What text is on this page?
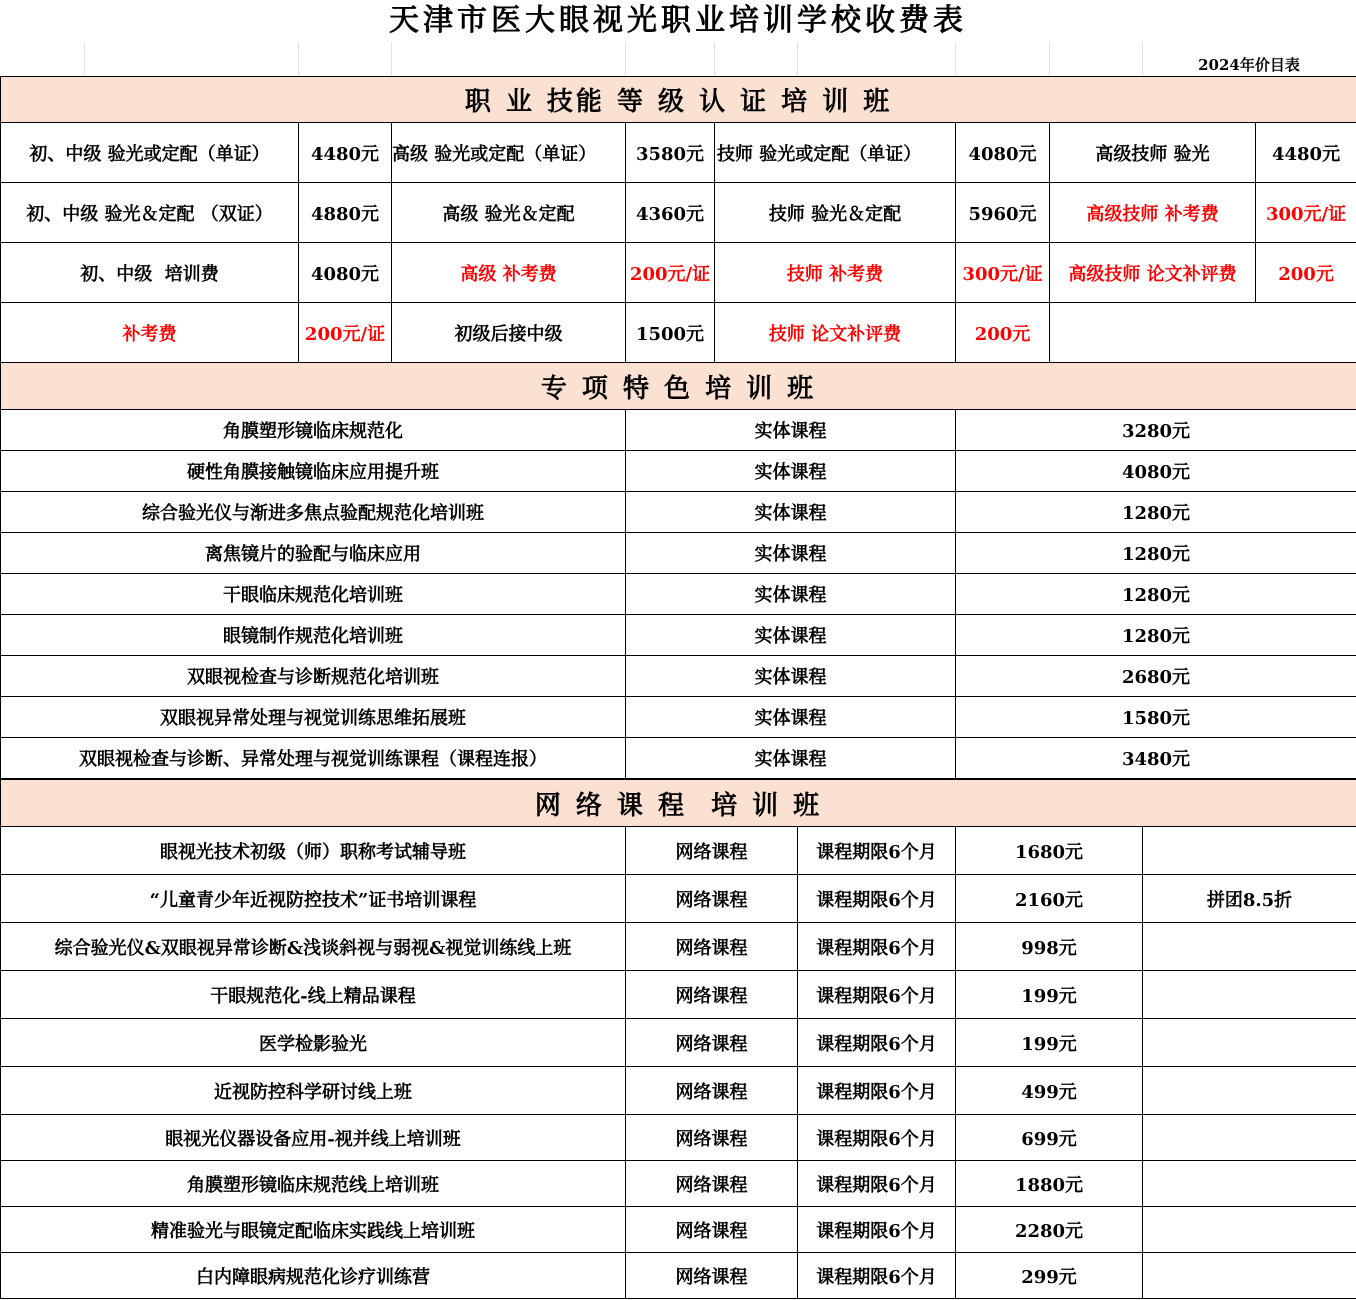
天津市医大眼视光职业培训学校收费表
2024年价目表
职 业 技能 等 级 认 证 培 训 班							
初、中级 验光或定配（单证）	4480元	高级 验光或定配（单证）	3580元	技师 验光或定配（单证）	4080元	高级技师 验光	4480元
初、中级 验光＆定配 （双证）	4880元	高级 验光＆定配	4360元	技师 验光＆定配	5960元	高级技师 补考费	300元/证
初、中级  培训费	4080元	高级 补考费	200元/证	技师 补考费	300元/证	高级技师 论文补评费	200元
补考费	200元/证	初级后接中级	1500元	技师 论文补评费	200元		
专 项 特 色 培 训 班		
角膜塑形镜临床规范化	实体课程	3280元
硬性角膜接触镜临床应用提升班	实体课程	4080元
综合验光仪与渐进多焦点验配规范化培训班	实体课程	1280元
离焦镜片的验配与临床应用	实体课程	1280元
干眼临床规范化培训班	实体课程	1280元
眼镜制作规范化培训班	实体课程	1280元
双眼视检查与诊断规范化培训班	实体课程	2680元
双眼视异常处理与视觉训练思维拓展班	实体课程	1580元
双眼视检查与诊断、异常处理与视觉训练课程（课程连报）	实体课程	3480元
网 络 课 程  培 训 班				
眼视光技术初级（师）职称考试辅导班	网络课程	课程期限6个月	1680元	
“儿童青少年近视防控技术”证书培训课程	网络课程	课程期限6个月	2160元	拼团8.5折
综合验光仪&双眼视异常诊断&浅谈斜视与弱视&视觉训练线上班	网络课程	课程期限6个月	998元	
干眼规范化-线上精品课程	网络课程	课程期限6个月	199元	
医学检影验光	网络课程	课程期限6个月	199元	
近视防控科学研讨线上班	网络课程	课程期限6个月	499元	
眼视光仪器设备应用-视并线上培训班	网络课程	课程期限6个月	699元	
角膜塑形镜临床规范线上培训班	网络课程	课程期限6个月	1880元	
精准验光与眼镜定配临床实践线上培训班	网络课程	课程期限6个月	2280元	
白内障眼病规范化诊疗训练营	网络课程	课程期限6个月	299元	
